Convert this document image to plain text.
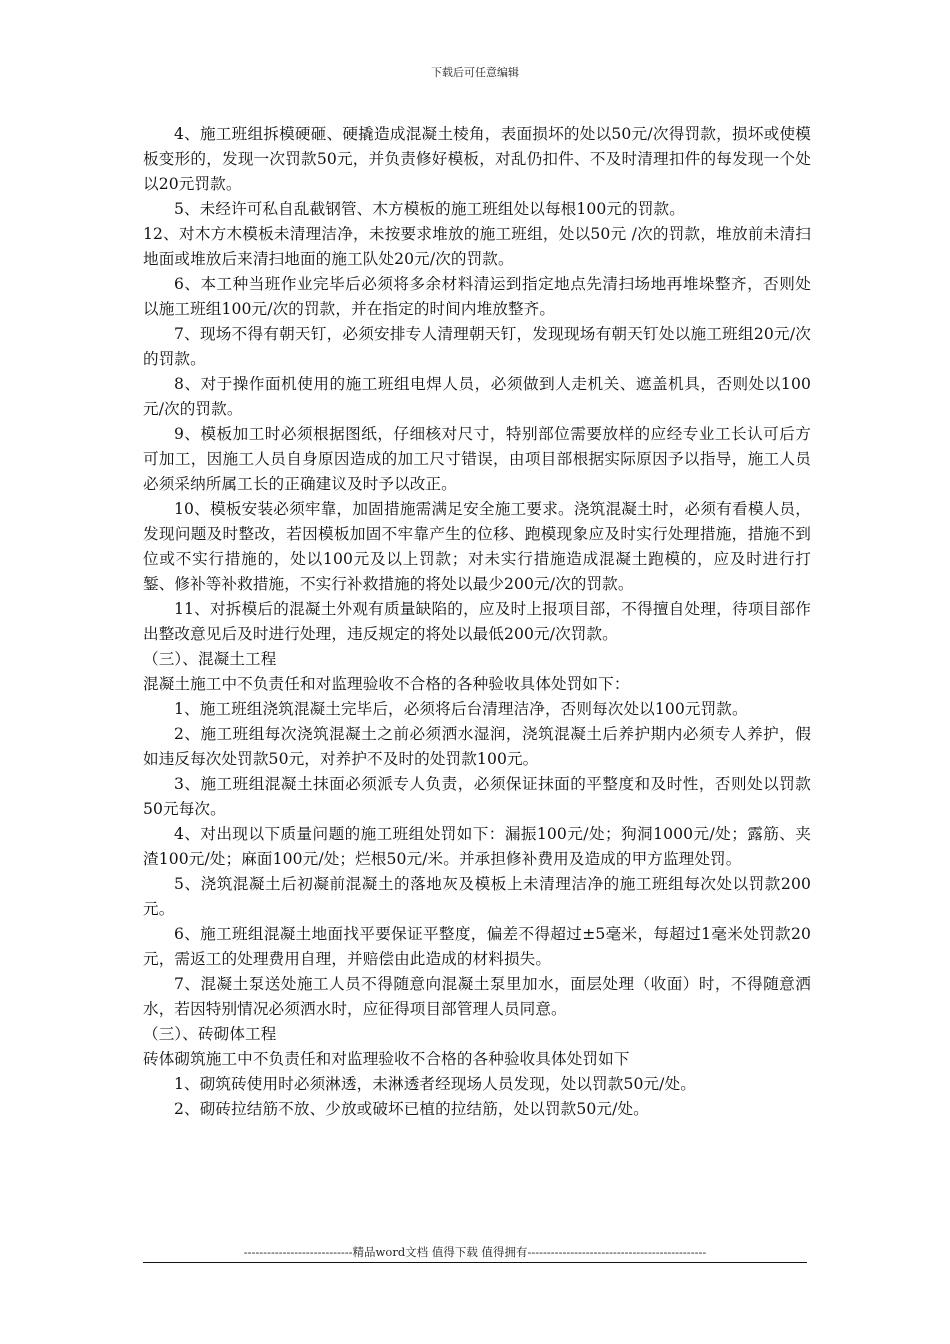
下载后可任意编辑

4、施工班组拆模硬砸、硬撬造成混凝土棱角，表面损坏的处以50元/次得罚款，损坏或使模板变形的，发现一次罚款50元，并负责修好模板，对乱仍扣件、不及时清理扣件的每发现一个处以20元罚款。

5、未经许可私自乱截钢管、木方模板的施工班组处以每根100元的罚款。

12、对木方木模板未清理洁净，未按要求堆放的施工班组，处以50元 /次的罚款，堆放前未清扫地面或堆放后来清扫地面的施工队处20元/次的罚款。

6、本工种当班作业完毕后必须将多余材料清运到指定地点先清扫场地再堆垛整齐，否则处以施工班组100元/次的罚款，并在指定的时间内堆放整齐。

7、现场不得有朝天钉，必须安排专人清理朝天钉，发现现场有朝天钉处以施工班组20元/次的罚款。

8、对于操作面机使用的施工班组电焊人员，必须做到人走机关、遮盖机具，否则处以100元/次的罚款。

9、模板加工时必须根据图纸，仔细核对尺寸，特别部位需要放样的应经专业工长认可后方可加工，因施工人员自身原因造成的加工尺寸错误，由项目部根据实际原因予以指导，施工人员必须采纳所属工长的正确建议及时予以改正。

10、模板安装必须牢靠，加固措施需满足安全施工要求。浇筑混凝土时，必须有看模人员，发现问题及时整改，若因模板加固不牢靠产生的位移、跑模现象应及时实行处理措施，措施不到位或不实行措施的，处以100元及以上罚款；对未实行措施造成混凝土跑模的，应及时进行打錾、修补等补救措施，不实行补救措施的将处以最少200元/次的罚款。

11、对拆模后的混凝土外观有质量缺陷的，应及时上报项目部，不得擅自处理，待项目部作出整改意见后及时进行处理，违反规定的将处以最低200元/次罚款。

（三）、混凝土工程

混凝土施工中不负责任和对监理验收不合格的各种验收具体处罚如下：

1、施工班组浇筑混凝土完毕后，必须将后台清理洁净，否则每次处以100元罚款。

2、施工班组每次浇筑混凝土之前必须洒水湿润，浇筑混凝土后养护期内必须专人养护，假如违反每次处罚款50元，对养护不及时的处罚款100元。

3、施工班组混凝土抹面必须派专人负责，必须保证抹面的平整度和及时性，否则处以罚款50元每次。

4、对出现以下质量问题的施工班组处罚如下：漏振100元/处；狗洞1000元/处；露筋、夹渣100元/处；麻面100元/处；烂根50元/米。并承担修补费用及造成的甲方监理处罚。

5、浇筑混凝土后初凝前混凝土的落地灰及模板上未清理洁净的施工班组每次处以罚款200元。

6、施工班组混凝土地面找平要保证平整度，偏差不得超过±5毫米，每超过1毫米处罚款20元，需返工的处理费用自理，并赔偿由此造成的材料损失。

7、混凝土泵送处施工人员不得随意向混凝土泵里加水，面层处理（收面）时，不得随意洒水，若因特别情况必须洒水时，应征得项目部管理人员同意。

（三）、砖砌体工程

砖体砌筑施工中不负责任和对监理验收不合格的各种验收具体处罚如下

1、砌筑砖使用时必须淋透，未淋透者经现场人员发现，处以罚款50元/处。

2、砌砖拉结筋不放、少放或破坏已植的拉结筋，处以罚款50元/处。

----------------------------精品word文档 值得下载 值得拥有----------------------------------------------
